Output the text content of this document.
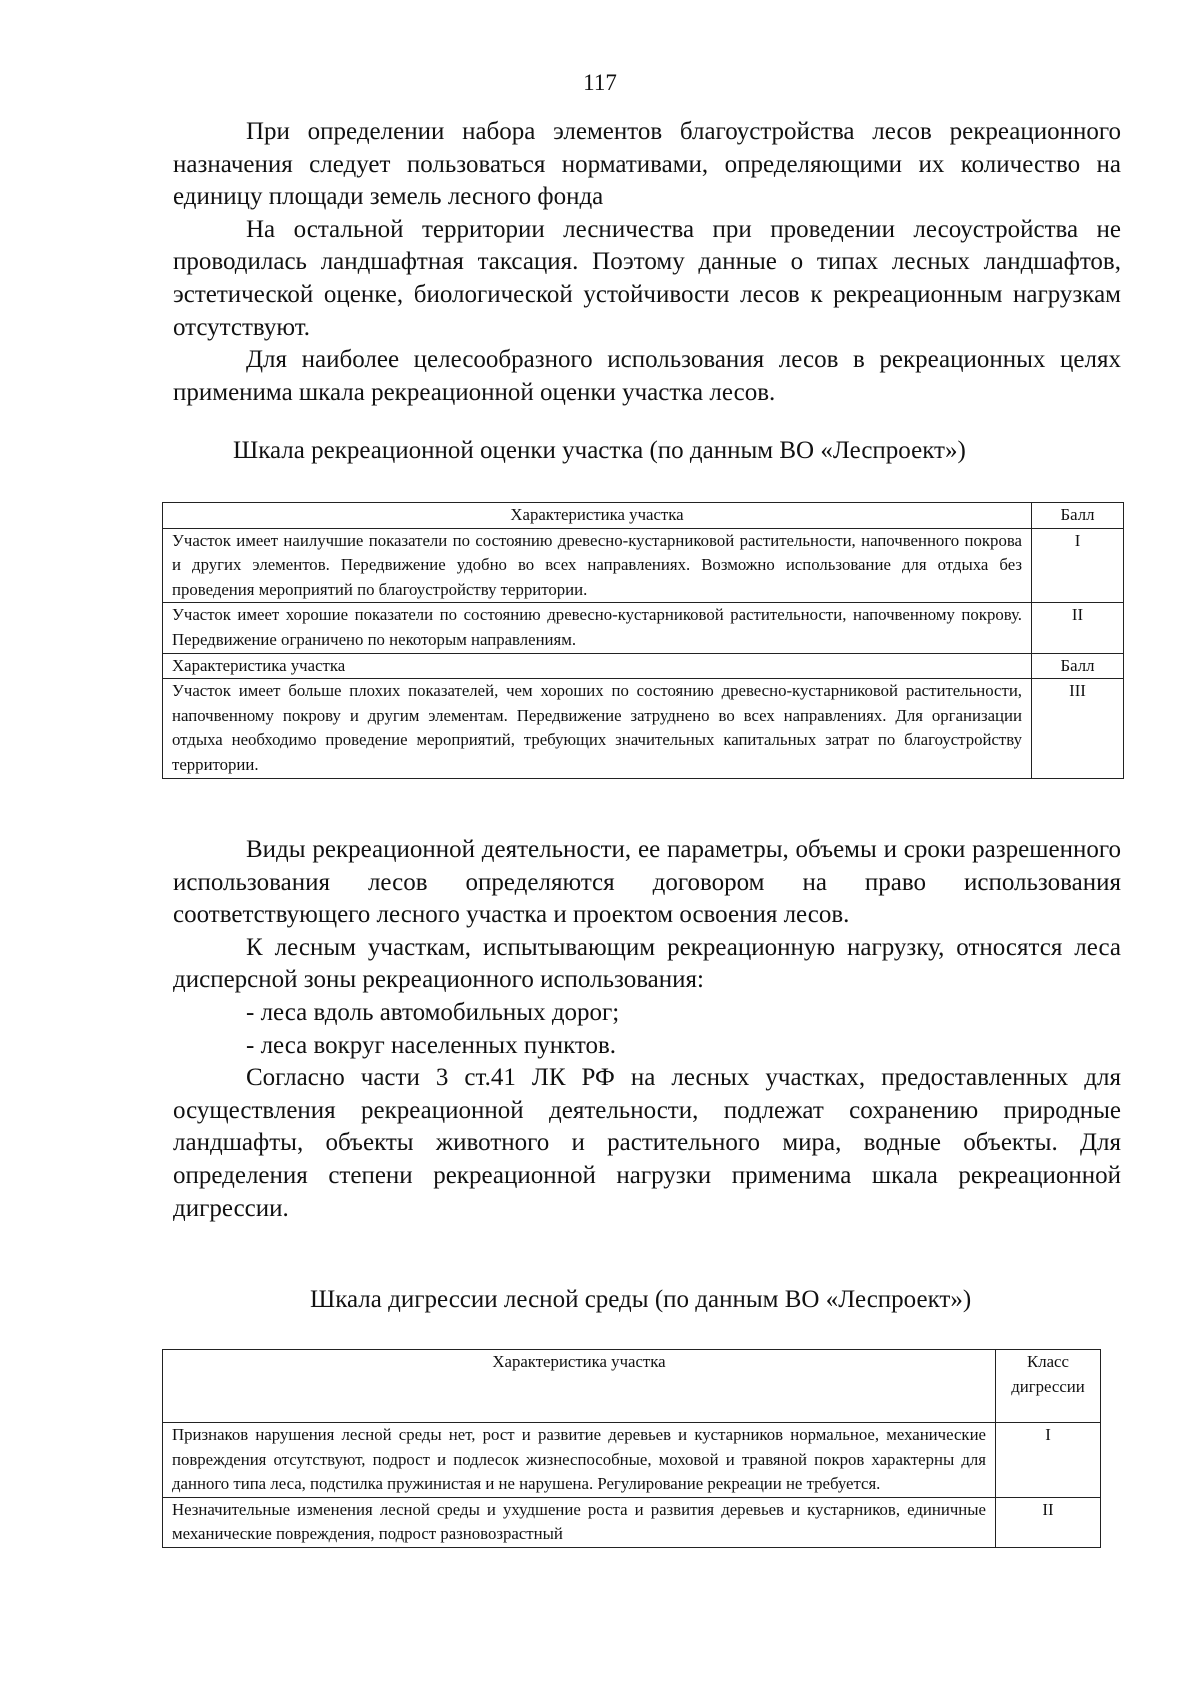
117

При определении набора элементов благоустройства лесов рекреационного назначения следует пользоваться нормативами, определяющими их количество на единицу площади земель лесного фонда

На остальной территории лесничества при проведении лесоустройства не проводилась ландшафтная таксация. Поэтому данные о типах лесных ландшафтов, эстетической оценке, биологической устойчивости лесов к рекреационным нагрузкам отсутствуют.

Для наиболее целесообразного использования лесов в рекреационных целях применима шкала рекреационной оценки участка лесов.

Шкала рекреационной оценки участка (по данным ВО «Леспроект»)
Характеристика участка	Балл
Участок имеет наилучшие показатели по состоянию древесно-кустарниковой растительности, напочвенного покрова и других элементов. Передвижение удобно во всех направлениях. Возможно использование для отдыха без проведения мероприятий по благоустройству территории.	I
Участок имеет хорошие показатели по состоянию древесно-кустарниковой растительности, напочвенному покрову. Передвижение ограничено по некоторым направлениям.	II
Характеристика участка	Балл
Участок имеет больше плохих показателей, чем хороших по состоянию древесно-кустарниковой растительности, напочвенному покрову и другим элементам. Передвижение затруднено во всех направлениях. Для организации отдыха необходимо проведение мероприятий, требующих значительных капитальных затрат по благоустройству территории.	III

Виды рекреационной деятельности, ее параметры, объемы и сроки разрешенного использования лесов определяются договором на право использования соответствующего лесного участка и проектом освоения лесов.

К лесным участкам, испытывающим рекреационную нагрузку, относятся леса дисперсной зоны рекреационного использования:

- леса вдоль автомобильных дорог;

- леса вокруг населенных пунктов.

Согласно части 3 ст.41 ЛК РФ на лесных участках, предоставленных для осуществления рекреационной деятельности, подлежат сохранению природные ландшафты, объекты животного и растительного мира, водные объекты. Для определения степени рекреационной нагрузки применима шкала рекреационной дигрессии.

Шкала дигрессии лесной среды (по данным ВО «Леспроект»)
Характеристика участка	Класс дигрессии
Признаков нарушения лесной среды нет, рост и развитие деревьев и кустарников нормальное, механические повреждения отсутствуют, подрост и подлесок жизнеспособные, моховой и травяной покров характерны для данного типа леса, подстилка пружинистая и не нарушена. Регулирование рекреации не требуется.	I
Незначительные изменения лесной среды и ухудшение роста и развития деревьев и кустарников, единичные механические повреждения, подрост разновозрастный	II
